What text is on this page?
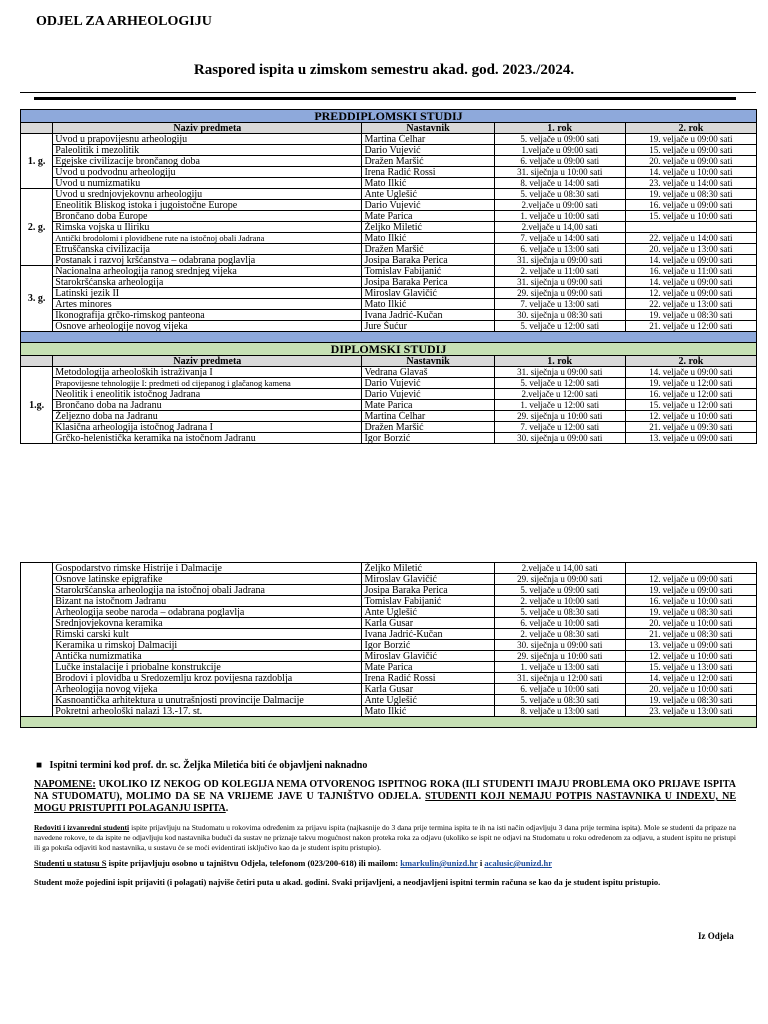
ODJEL ZA ARHEOLOGIJU
Raspored ispita u zimskom semestru akad. god. 2023./2024.
PREDDIPLOMSKI STUDIJ				
	Naziv predmeta	Nastavnik	1. rok	2. rok
1. g.	Uvod u prapovijesnu arheologiju	Martina Čelhar	5. veljače u 09:00 sati	19. veljače u 09:00 sati
	Paleolitik i mezolitik	Dario Vujević	1.veljače u 09:00 sati	15. veljače u 09:00 sati
	Egejske civilizacije brončanog doba	Dražen Maršić	6. veljače u 09:00 sati	20. veljače u 09:00 sati
	Uvod u podvodnu arheologiju	Irena Radić Rossi	31. siječnja u 10:00 sati	14. veljače u 10:00 sati
	Uvod u numizmatiku	Mato Ilkić	8. veljače u 14:00 sati	23. veljače u 14:00 sati
2. g.	Uvod u srednjovjekovnu arheologiju	Ante Uglešić	5. veljače u 08:30 sati	19. veljače u 08:30 sati
	Eneolitik Bliskog istoka i jugoistočne Europe	Dario Vujević	2.veljače u 09:00 sati	16. veljače u 09:00 sati
	Brončano doba Europe	Mate Parica	1. veljače u 10:00 sati	15. veljače u 10:00 sati
	Rimska vojska u Iliriku	Željko Miletić	2.veljače u 14,00 sati	
	Antički brodolomi i plovidbene rute na istočnoj obali Jadrana	Mato Ilkić	7. veljače u 14:00 sati	22. veljače u 14:00 sati
	Etruščanska civilizacija	Dražen Maršić	6. veljače u 13:00 sati	20. veljače u 13:00 sati
	Postanak i razvoj kršćanstva – odabrana poglavlja	Josipa Baraka Perica	31. siječnja u 09:00 sati	14. veljače u 09:00 sati
3. g.	Nacionalna arheologija ranog srednjeg vijeka	Tomislav Fabijanić	2. veljače u 11:00 sati	16. veljače u 11:00 sati
	Starokršćanska arheologija	Josipa Baraka Perica	31. siječnja u 09:00 sati	14. veljače u 09:00 sati
	Latinski jezik II	Miroslav Glavičić	29. siječnja u 09:00 sati	12. veljače u 09:00 sati
	Artes minores	Mato Ilkić	7. veljače u 13:00 sati	22. veljače u 13:00 sati
	Ikonografija grčko-rimskog panteona	Ivana Jadrić-Kučan	30. siječnja u 08:30 sati	19. veljače u 08:30 sati
	Osnove arheologije novog vijeka	Jure Šućur	5. veljače u 12:00 sati	21. veljače u 12:00 sati

DIPLOMSKI STUDIJ				
	Naziv predmeta	Nastavnik	1. rok	2. rok
1.g.	Metodologija arheoloških istraživanja I	Vedrana Glavaš	31. siječnja u 09:00 sati	14. veljače u 09:00 sati
	Prapovijesne tehnologije I: predmeti od cijepanog i glačanog kamena	Dario Vujević	5. veljače u 12:00 sati	19. veljače u 12:00 sati
	Neolitik i eneolitik istočnog Jadrana	Dario Vujević	2.veljače u 12:00 sati	16. veljače u 12:00 sati
	Brončano doba na Jadranu	Mate Parica	1. veljače u 12:00 sati	15. veljače u 12:00 sati
	Željezno doba na Jadranu	Martina Čelhar	29. siječnja u 10:00 sati	12. veljače u 10:00 sati
	Klasična arheologija istočnog Jadrana I	Dražen Maršić	7. veljače u 12:00 sati	21. veljače u 09:30 sati
	Grčko-helenistička keramika na istočnom Jadranu	Igor Borzić	30. siječnja u 09:00 sati	13. veljače u 09:00 sati
	Gospodarstvo rimske Histrije i Dalmacije	Željko Miletić	2.veljače u 14,00 sati	
	Osnove latinske epigrafike	Miroslav Glavičić	29. siječnja u 09:00 sati	12. veljače u 09:00 sati
	Starokršćanska arheologija na istočnoj obali Jadrana	Josipa Baraka Perica	5. veljače u 09:00 sati	19. veljače u 09:00 sati
	Bizant na istočnom Jadranu	Tomislav Fabijanić	2. veljače u 10:00 sati	16. veljače u 10:00 sati
	Arheologija seobe naroda – odabrana poglavlja	Ante Uglešić	5. veljače u 08:30 sati	19. veljače u 08:30 sati
	Srednjovjekovna keramika	Karla Gusar	6. veljače u 10:00 sati	20. veljače u 10:00 sati
	Rimski carski kult	Ivana Jadrić-Kučan	2. veljače u 08:30 sati	21. veljače u 08:30 sati
	Keramika u rimskoj Dalmaciji	Igor Borzić	30. siječnja u 09:00 sati	13. veljače u 09:00 sati
	Antička numizmatika	Miroslav Glavičić	29. siječnja u 10:00 sati	12. veljače u 10:00 sati
	Lučke instalacije i priobalne konstrukcije	Mate Parica	1. veljače u 13:00 sati	15. veljače u 13:00 sati
	Brodovi i plovidba u Sredozemlju kroz povijesna razdoblja	Irena Radić Rossi	31. siječnja u 12:00 sati	14. veljače u 12:00 sati
	Arheologija novog vijeka	Karla Gusar	6. veljače u 10:00 sati	20. veljače u 10:00 sati
	Kasnoantička arhitektura u unutrašnjosti provincije Dalmacije	Ante Uglešić	5. veljače u 08:30 sati	19. veljače u 08:30 sati
	Pokretni arheološki nalazi 13.-17. st.	Mato Ilkić	8. veljače u 13:00 sati	23. veljače u 13:00 sati

■   Ispitni termini kod prof. dr. sc. Željka Miletića biti će objavljeni naknadno
NAPOMENE: UKOLIKO IZ NEKOG OD KOLEGIJA NEMA OTVORENOG ISPITNOG ROKA (ILI STUDENTI IMAJU PROBLEMA OKO PRIJAVE ISPITA NA STUDOMATU), MOLIMO DA SE NA VRIJEME JAVE U TAJNIŠTVO ODJELA. STUDENTI KOJI NEMAJU POTPIS NASTAVNIKA U INDEXU, NE MOGU PRISTUPITI POLAGANJU ISPITA.
Redoviti i izvanredni studenti ispite prijavljuju na Studomatu u rokovima određenim za prijavu ispita (najkasnije do 3 dana prije termina ispita te ih na isti način odjavljuju 3 dana prije termina ispita). Mole se studenti da pripaze na navedene rokove, te da ispite ne odjavljuju kod nastavnika budući da sustav ne priznaje takvu mogućnost nakon proteka roka za odjavu (ukoliko se ispit ne odjavi na Studomatu u roku određenom za odjavu, a student ispitu ne pristupi ili ga pokuša odjaviti kod nastavnika, u sustavu će se moći evidentirati isključivo kao da je student ispitu pristupio).
Studenti u statusu S ispite prijavljuju osobno u tajništvu Odjela, telefonom (023/200-618) ili mailom: kmarkulin@unizd.hr i acalusic@unizd.hr
Student može pojedini ispit prijaviti (i polagati) najviše četiri puta u akad. godini. Svaki prijavljeni, a neodjavljeni ispitni termin računa se kao da je student ispitu pristupio.
Iz Odjela
